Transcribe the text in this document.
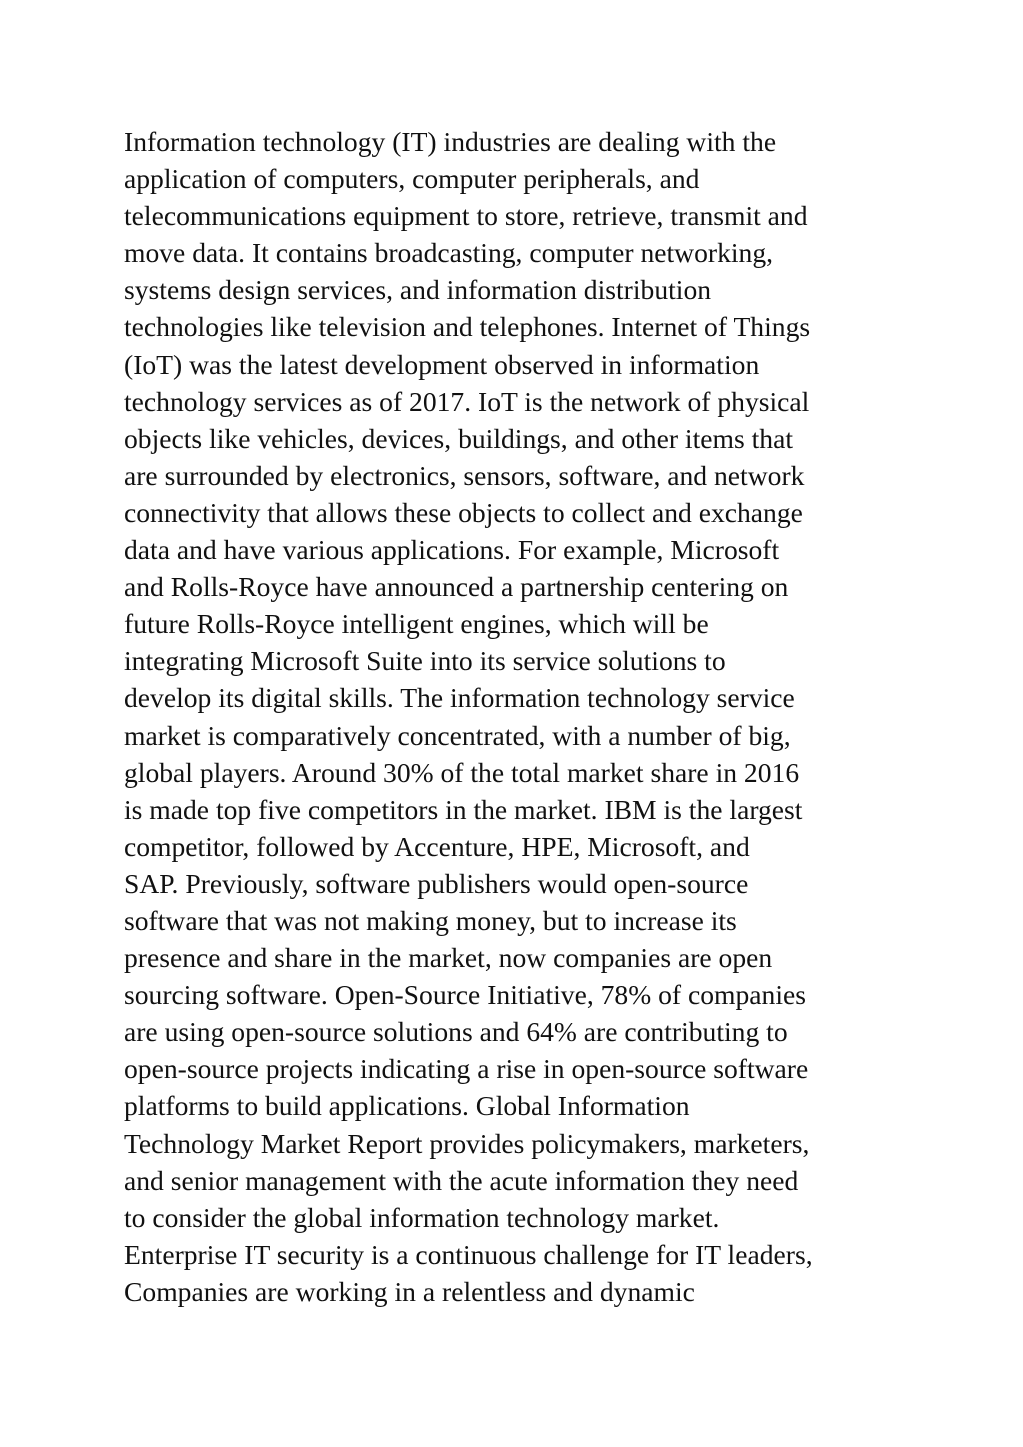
Information technology (IT) industries are dealing with the
application of computers, computer peripherals, and
telecommunications equipment to store, retrieve, transmit and
move data. It contains broadcasting, computer networking,
systems design services, and information distribution
technologies like television and telephones. Internet of Things
(IoT) was the latest development observed in information
technology services as of 2017. IoT is the network of physical
objects like vehicles, devices, buildings, and other items that
are surrounded by electronics, sensors, software, and network
connectivity that allows these objects to collect and exchange
data and have various applications. For example, Microsoft
and Rolls-Royce have announced a partnership centering on
future Rolls-Royce intelligent engines, which will be
integrating Microsoft Suite into its service solutions to
develop its digital skills. The information technology service
market is comparatively concentrated, with a number of big,
global players. Around 30% of the total market share in 2016
is made top five competitors in the market. IBM is the largest
competitor, followed by Accenture, HPE, Microsoft, and
SAP. Previously, software publishers would open-source
software that was not making money, but to increase its
presence and share in the market, now companies are open
sourcing software. Open-Source Initiative, 78% of companies
are using open-source solutions and 64% are contributing to
open-source projects indicating a rise in open-source software
platforms to build applications. Global Information
Technology Market Report provides policymakers, marketers,
and senior management with the acute information they need
to consider the global information technology market.
Enterprise IT security is a continuous challenge for IT leaders,
Companies are working in a relentless and dynamic
